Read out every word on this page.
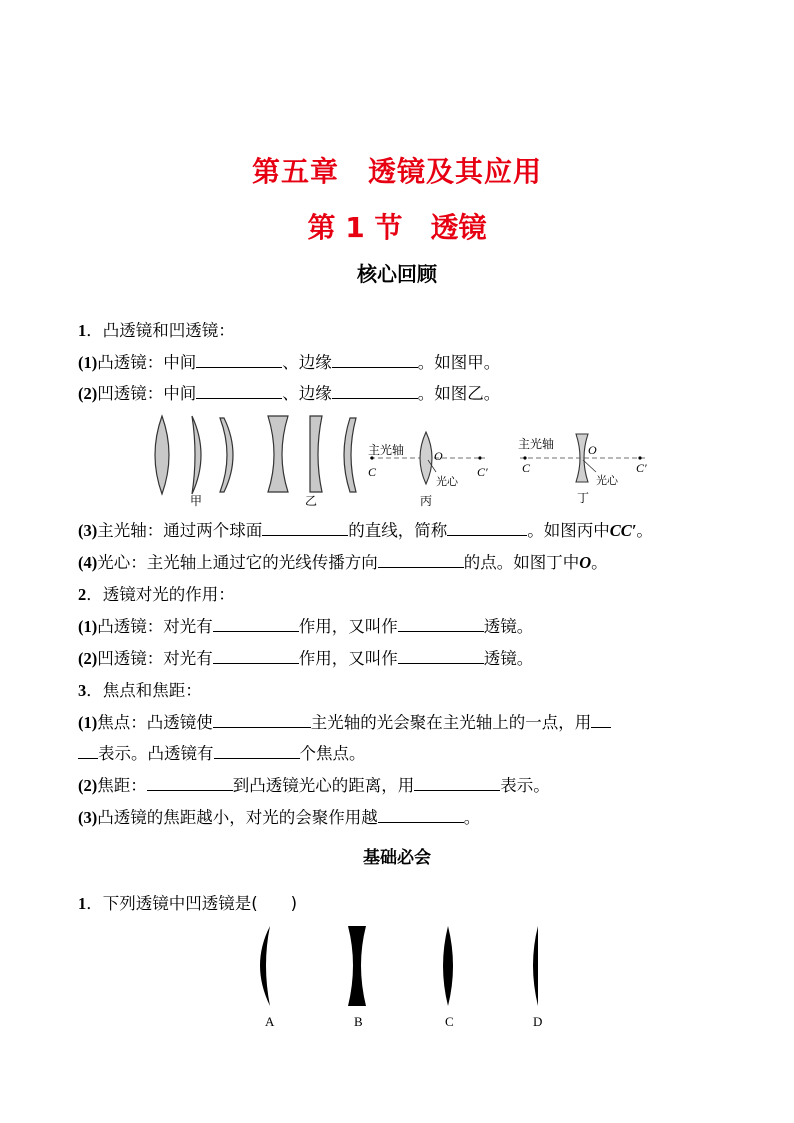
第五章　透镜及其应用
第 1 节　透镜
核心回顾
1．凸透镜和凹透镜：
(1)凸透镜：中间	、边缘	。如图甲。
(2)凹透镜：中间	、边缘	。如图乙。
甲	乙
主光轴
C	C′
O
光心
丙
主光轴
C	C′
O
光心
丁
(3)主光轴：通过两个球面	的直线，简称	。如图丙中CC′。
(4)光心：主光轴上通过它的光线传播方向	的点。如图丁中O。
2．透镜对光的作用：
(1)凸透镜：对光有	作用，又叫作	透镜。
(2)凹透镜：对光有	作用，又叫作	透镜。
3．焦点和焦距：
(1)焦点：凸透镜使	主光轴的光会聚在主光轴上的一点，用
表示。凸透镜有	个焦点。
(2)焦距：	到凸透镜光心的距离，用	表示。
(3)凸透镜的焦距越小，对光的会聚作用越	。
基础必会
1．下列透镜中凹透镜是(　　)
A	B	C	D
